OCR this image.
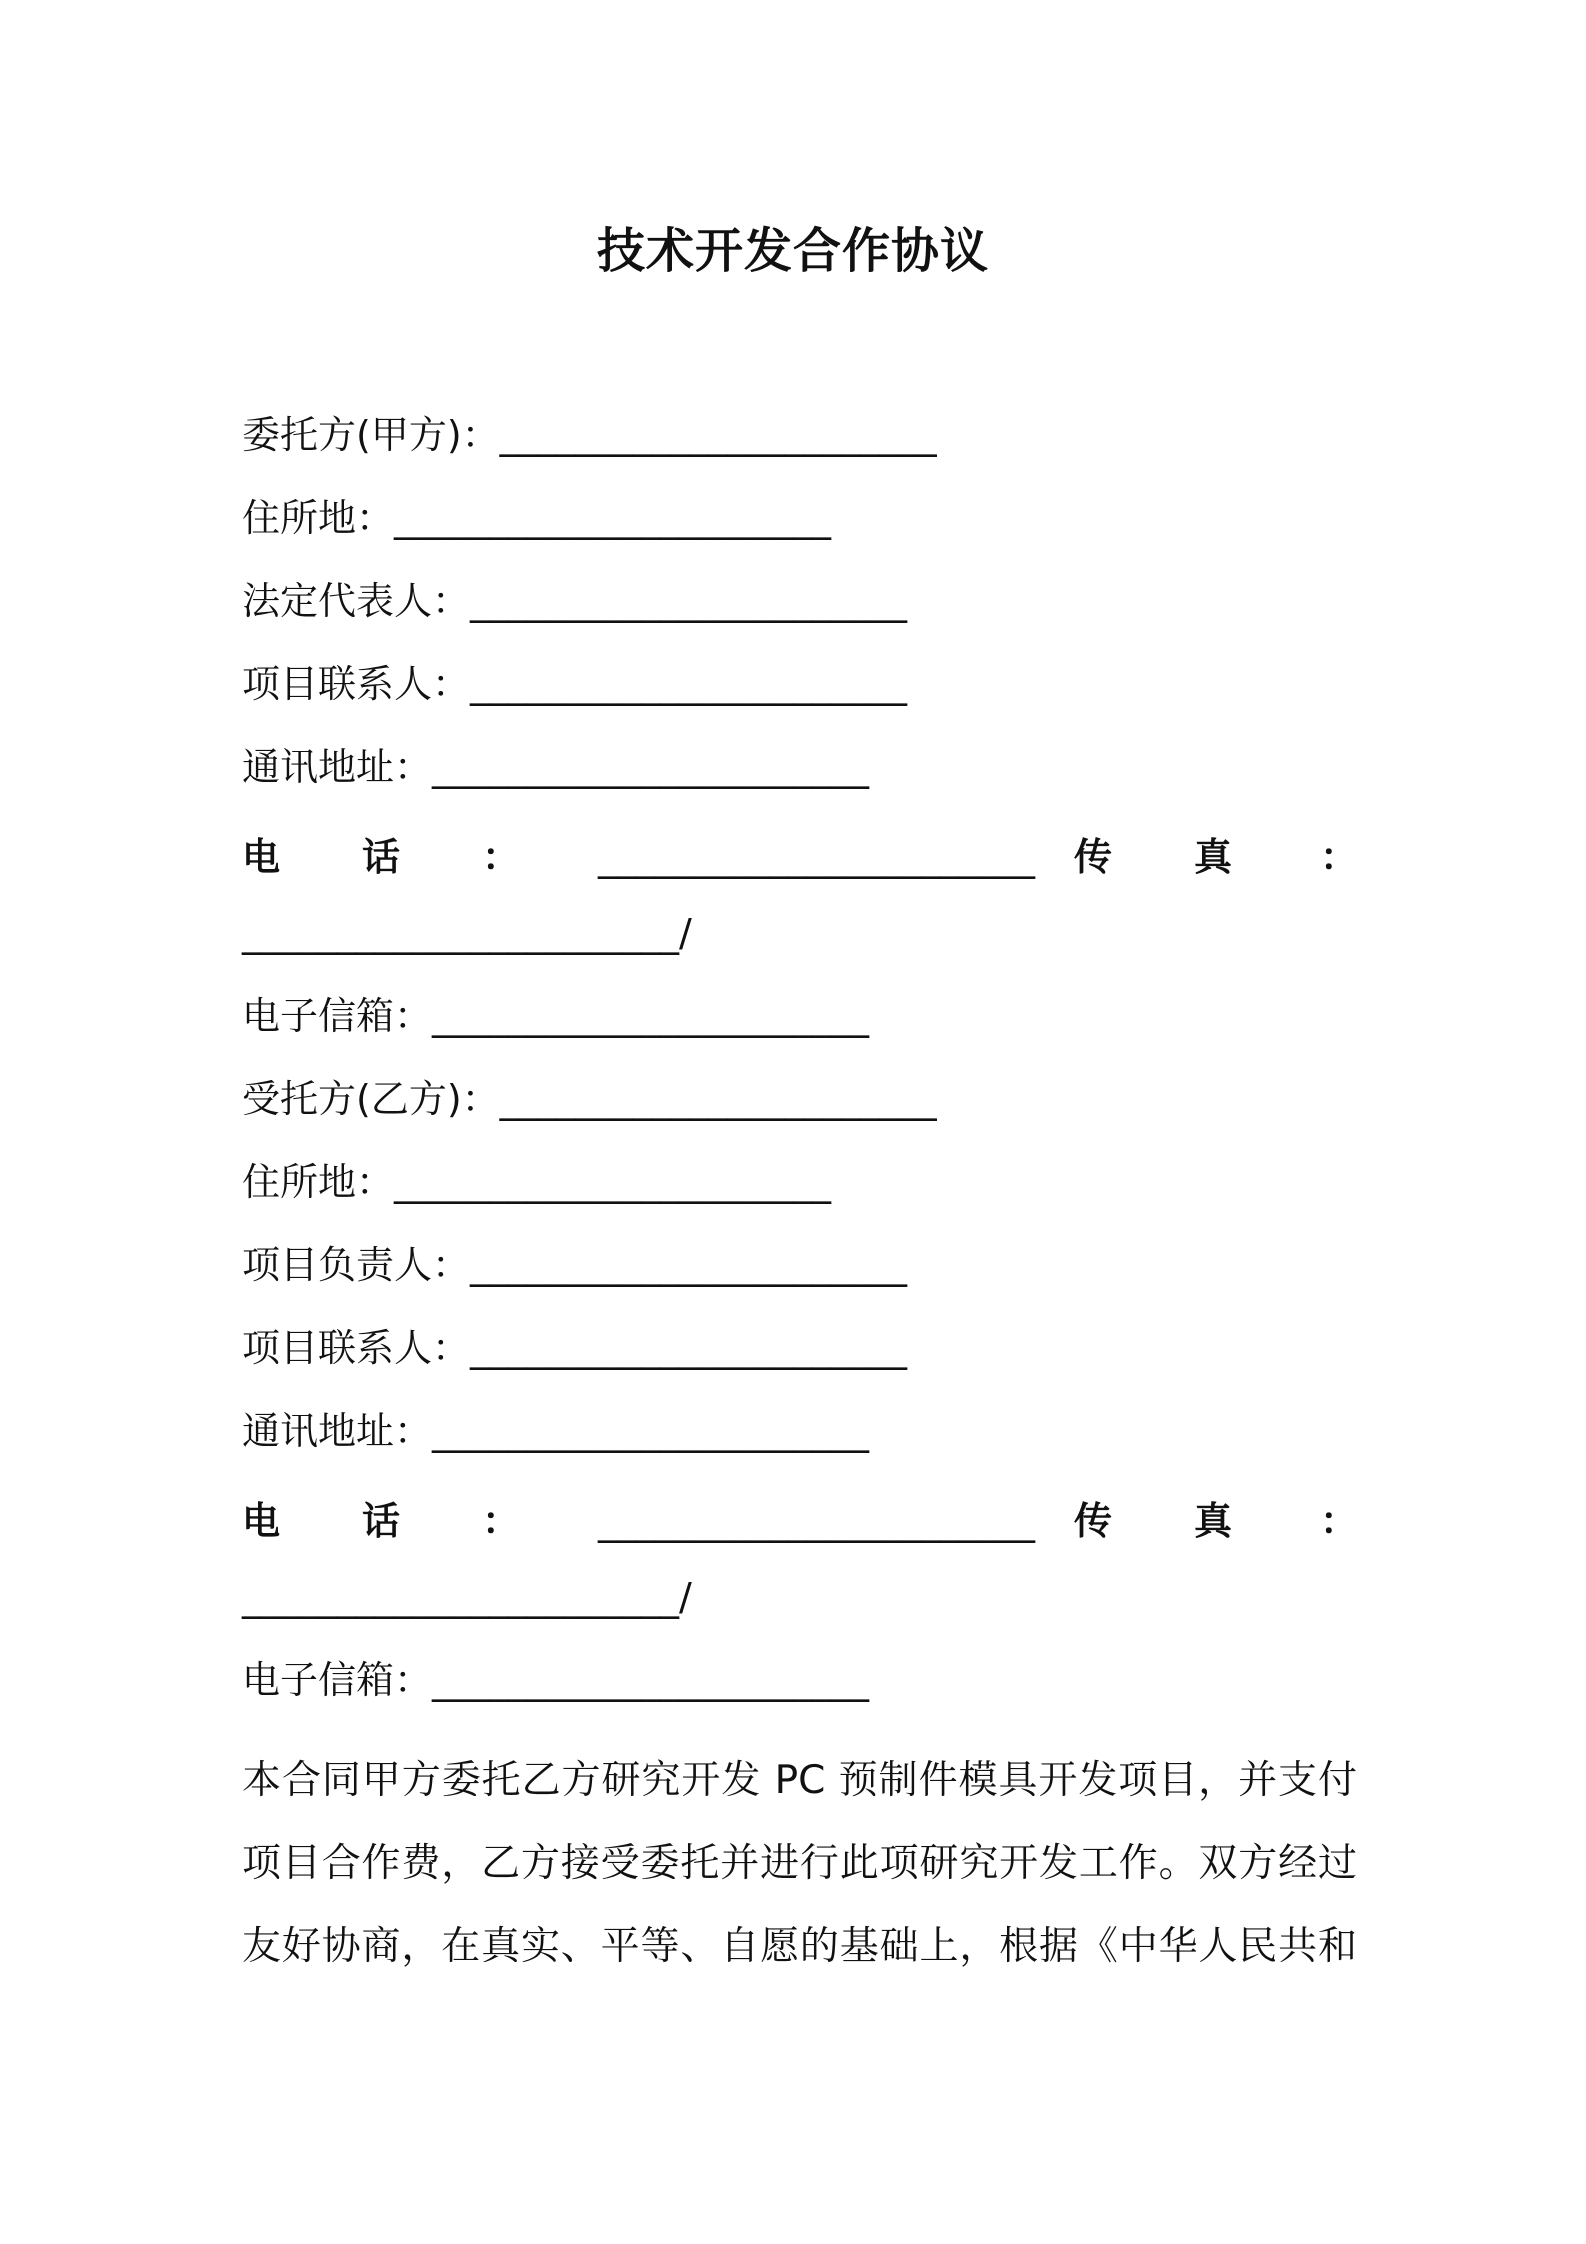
技术开发合作协议
委托方(甲方)：_______________________
住所地：_______________________
法定代表人：_______________________
项目联系人：_______________________
通讯地址：_______________________
电	话	：	_______________________	传	真	：
_______________________/
电子信箱：_______________________
受托方(乙方)：_______________________
住所地：_______________________
项目负责人：_______________________
项目联系人：_______________________
通讯地址：_______________________
电	话	：	_______________________	传	真	：
_______________________/
电子信箱：_______________________

本合同甲方委托乙方研究开发 PC 预制件模具开发项目，并支付

项目合作费，乙方接受委托并进行此项研究开发工作。双方经过

友好协商，在真实、平等、自愿的基础上，根据《中华人民共和
